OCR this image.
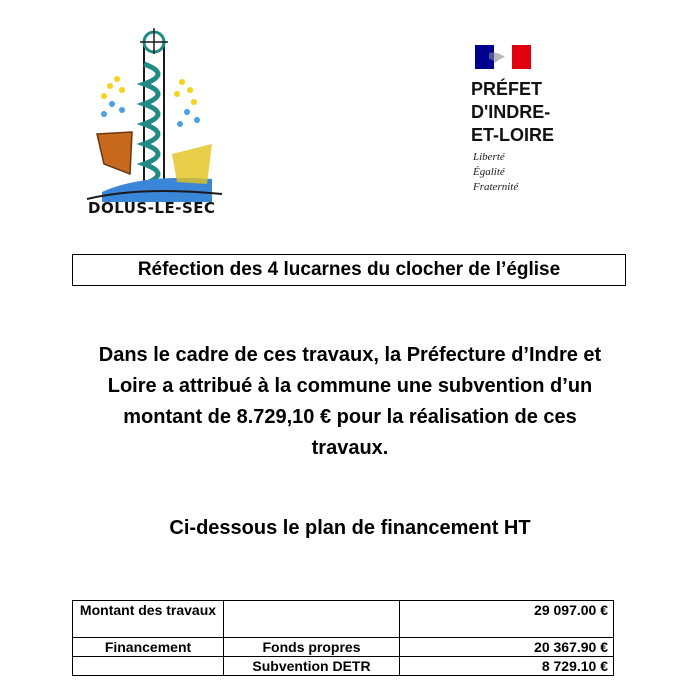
DOLUS-LE-SEC
PRÉFET
D'INDRE-
ET-LOIRE
Liberté
Égalité
Fraternité
Réfection des 4 lucarnes du clocher de l’église
Dans le cadre de ces travaux, la Préfecture d’Indre et Loire a attribué à la commune une subvention d’un montant de 8.729,10 € pour la réalisation de ces travaux.
Ci-dessous le plan de financement HT
Montant des travaux		29 097.00 €
Financement	Fonds propres	20 367.90 €
	Subvention DETR	8 729.10 €
